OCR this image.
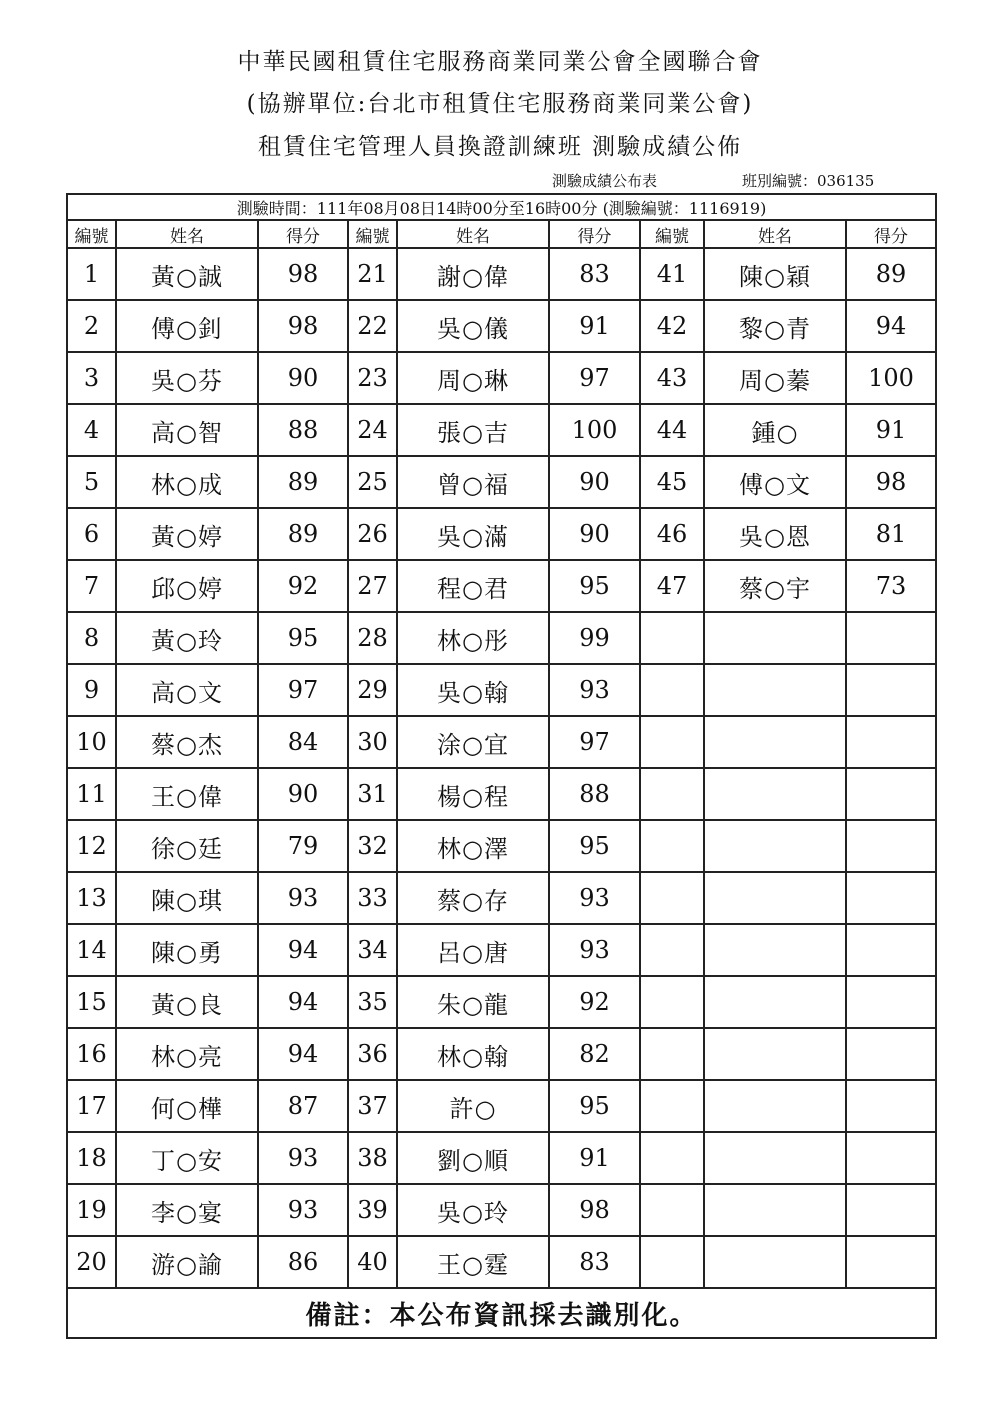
中華民國租賃住宅服務商業同業公會全國聯合會
(協辦單位:台北市租賃住宅服務商業同業公會)
租賃住宅管理人員換證訓練班 測驗成績公佈
測驗成績公布表	班別編號：036135
測驗時間：111年08月08日14時00分至16時00分 (測驗編號：1116919)								
編號	姓名	得分	編號	姓名	得分	編號	姓名	得分
1	黃○誠	98	21	謝○偉	83	41	陳○穎	89
2	傅○釗	98	22	吳○儀	91	42	黎○青	94
3	吳○芬	90	23	周○琳	97	43	周○蓁	100
4	高○智	88	24	張○吉	100	44	鍾○	91
5	林○成	89	25	曾○福	90	45	傅○文	98
6	黃○婷	89	26	吳○滿	90	46	吳○恩	81
7	邱○婷	92	27	程○君	95	47	蔡○宇	73
8	黃○玲	95	28	林○彤	99			
9	高○文	97	29	吳○翰	93			
10	蔡○杰	84	30	涂○宜	97			
11	王○偉	90	31	楊○程	88			
12	徐○廷	79	32	林○澤	95			
13	陳○琪	93	33	蔡○存	93			
14	陳○勇	94	34	呂○唐	93			
15	黃○良	94	35	朱○龍	92			
16	林○亮	94	36	林○翰	82			
17	何○樺	87	37	許○	95			
18	丁○安	93	38	劉○順	91			
19	李○宴	93	39	吳○玲	98			
20	游○諭	86	40	王○霆	83			
備註：本公布資訊採去識別化。								
